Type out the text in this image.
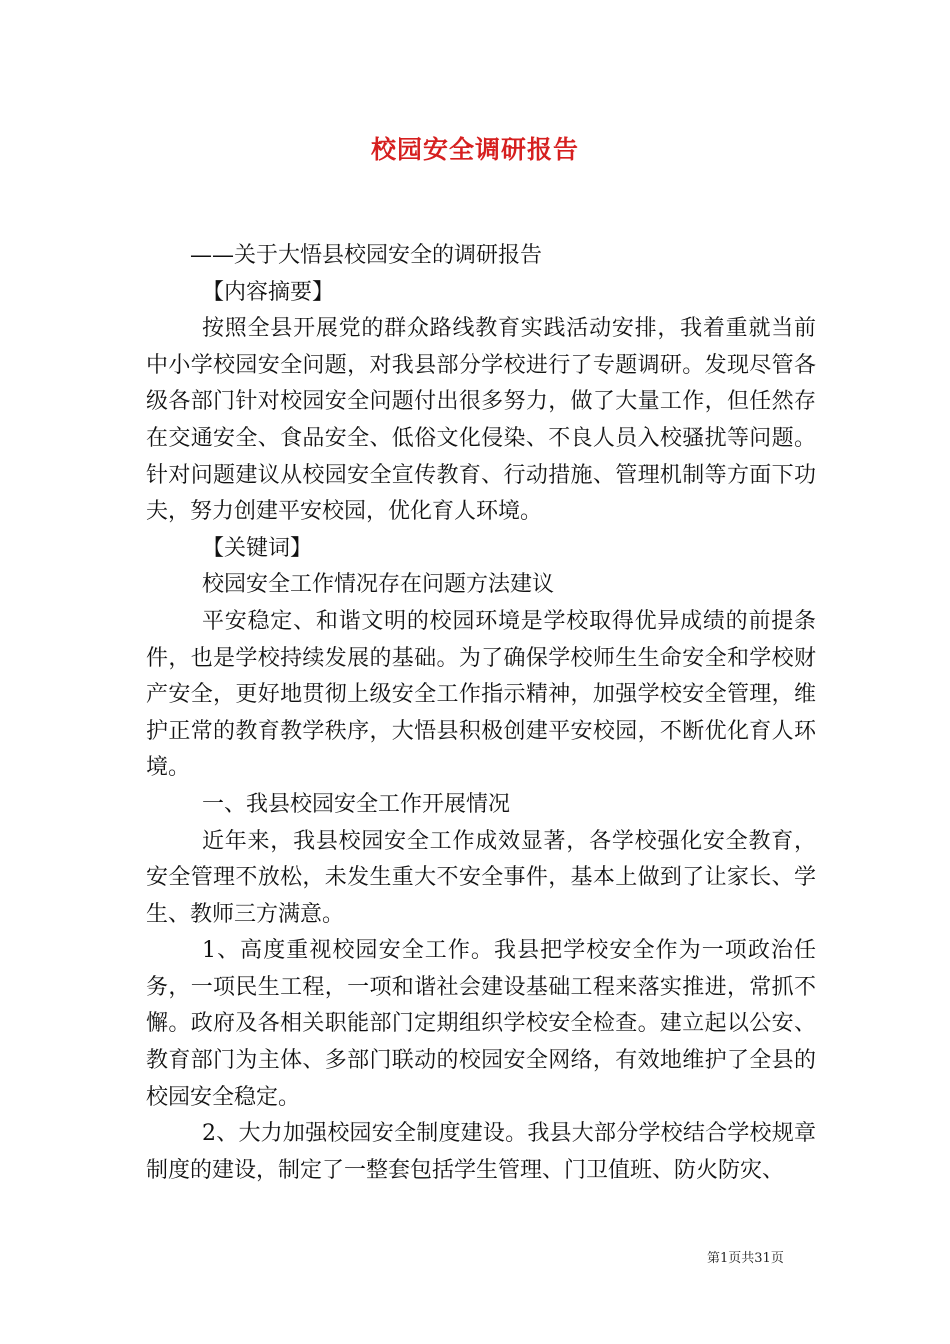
校园安全调研报告

——关于大悟县校园安全的调研报告

【内容摘要】

按照全县开展党的群众路线教育实践活动安排，我着重就当前中小学校园安全问题，对我县部分学校进行了专题调研。发现尽管各级各部门针对校园安全问题付出很多努力，做了大量工作，但任然存在交通安全、食品安全、低俗文化侵染、不良人员入校骚扰等问题。针对问题建议从校园安全宣传教育、行动措施、管理机制等方面下功夫，努力创建平安校园，优化育人环境。

【关键词】

校园安全工作情况存在问题方法建议

平安稳定、和谐文明的校园环境是学校取得优异成绩的前提条件，也是学校持续发展的基础。为了确保学校师生生命安全和学校财产安全，更好地贯彻上级安全工作指示精神，加强学校安全管理，维护正常的教育教学秩序，大悟县积极创建平安校园，不断优化育人环境。

一、我县校园安全工作开展情况

近年来，我县校园安全工作成效显著，各学校强化安全教育，安全管理不放松，未发生重大不安全事件，基本上做到了让家长、学生、教师三方满意。

1、高度重视校园安全工作。我县把学校安全作为一项政治任务，一项民生工程，一项和谐社会建设基础工程来落实推进，常抓不懈。政府及各相关职能部门定期组织学校安全检查。建立起以公安、教育部门为主体、多部门联动的校园安全网络，有效地维护了全县的校园安全稳定。

2、大力加强校园安全制度建设。我县大部分学校结合学校规章制度的建设，制定了一整套包括学生管理、门卫值班、防火防灾、

第1页共31页
